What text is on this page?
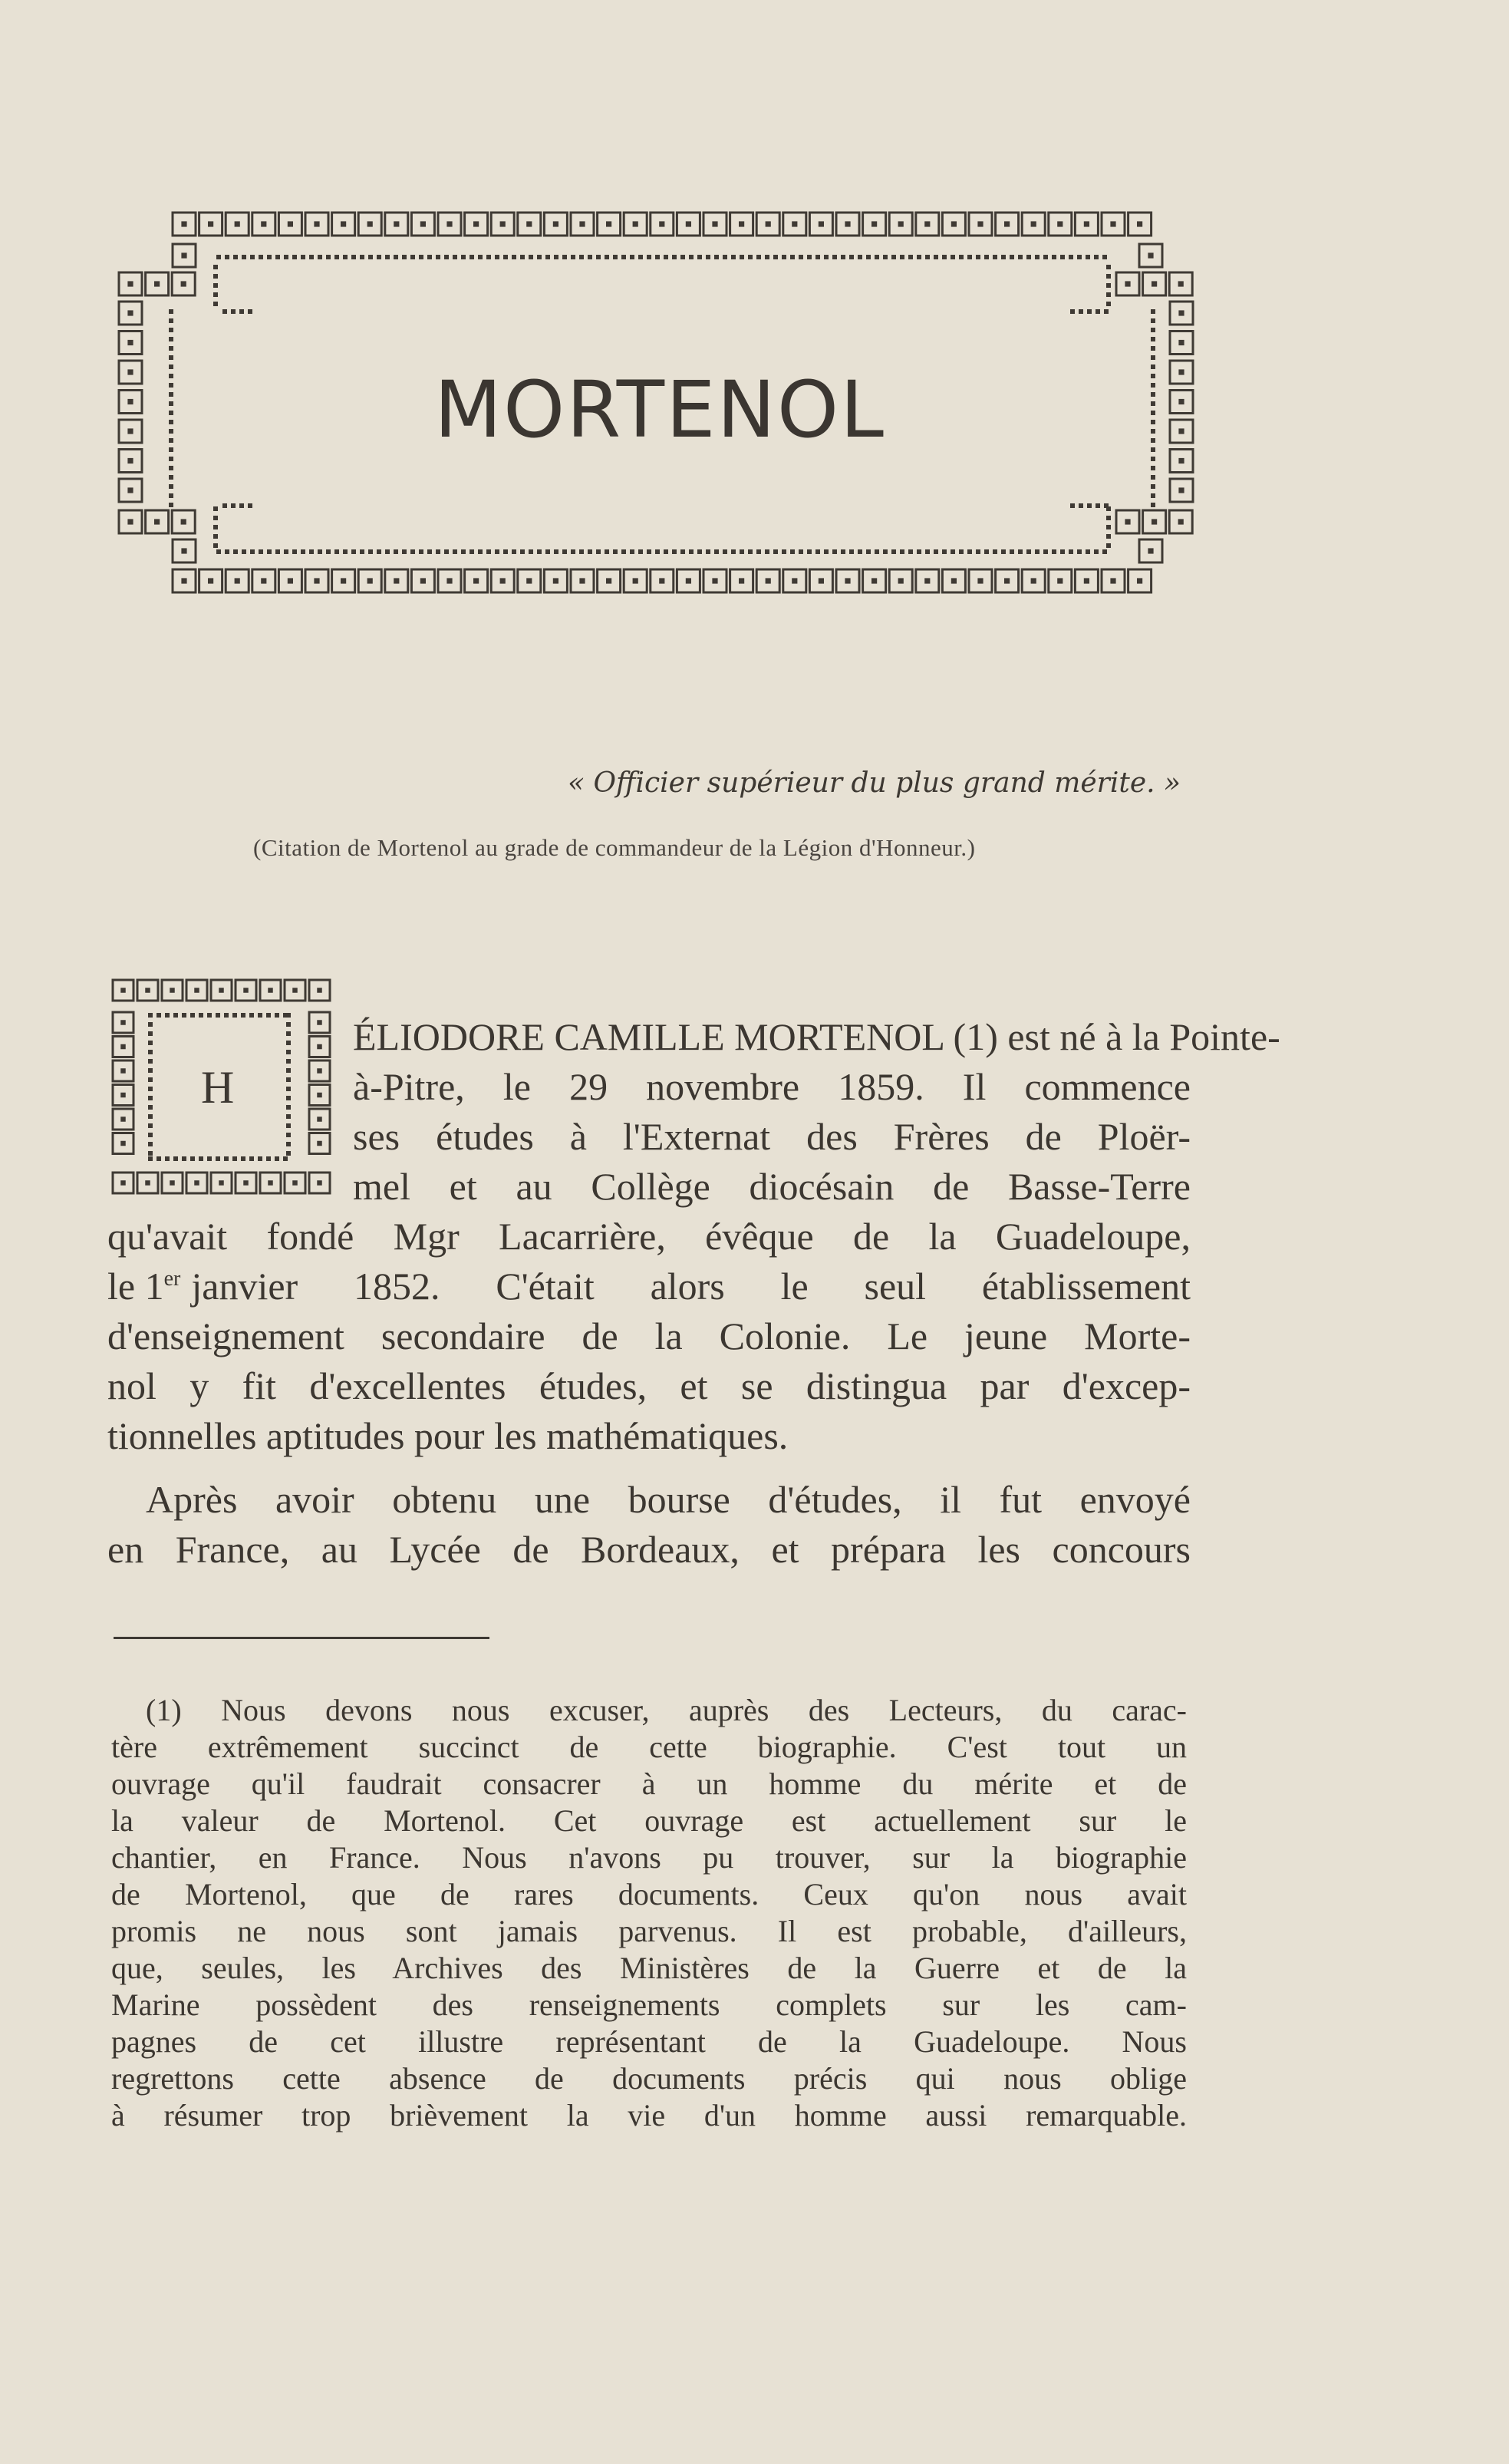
MORTENOL
« Officier supérieur du plus grand mérite. »
(Citation de Mortenol au grade de commandeur de la Légion d'Honneur.)
H
ÉLIODORE CAMILLE MORTENOL (1) est né à la Pointe-
à-Pitre, le 29 novembre 1859. Il commence
ses études à l'Externat des Frères de Ploër-
mel et au Collège diocésain de Basse-Terre
qu'avait fondé Mgr Lacarrière, évêque de la Guadeloupe,
le 1er janvier 1852. C'était alors le seul établissement
d'enseignement secondaire de la Colonie. Le jeune Morte-
nol y fit d'excellentes études, et se distingua par d'excep-
tionnelles aptitudes pour les mathématiques.
Après avoir obtenu une bourse d'études, il fut envoyé
en France, au Lycée de Bordeaux, et prépara les concours
(1) Nous devons nous excuser, auprès des Lecteurs, du carac-
tère extrêmement succinct de cette biographie. C'est tout un
ouvrage qu'il faudrait consacrer à un homme du mérite et de
la valeur de Mortenol. Cet ouvrage est actuellement sur le
chantier, en France. Nous n'avons pu trouver, sur la biographie
de Mortenol, que de rares documents. Ceux qu'on nous avait
promis ne nous sont jamais parvenus. Il est probable, d'ailleurs,
que, seules, les Archives des Ministères de la Guerre et de la
Marine possèdent des renseignements complets sur les cam-
pagnes de cet illustre représentant de la Guadeloupe. Nous
regrettons cette absence de documents précis qui nous oblige
à résumer trop brièvement la vie d'un homme aussi remarquable.
